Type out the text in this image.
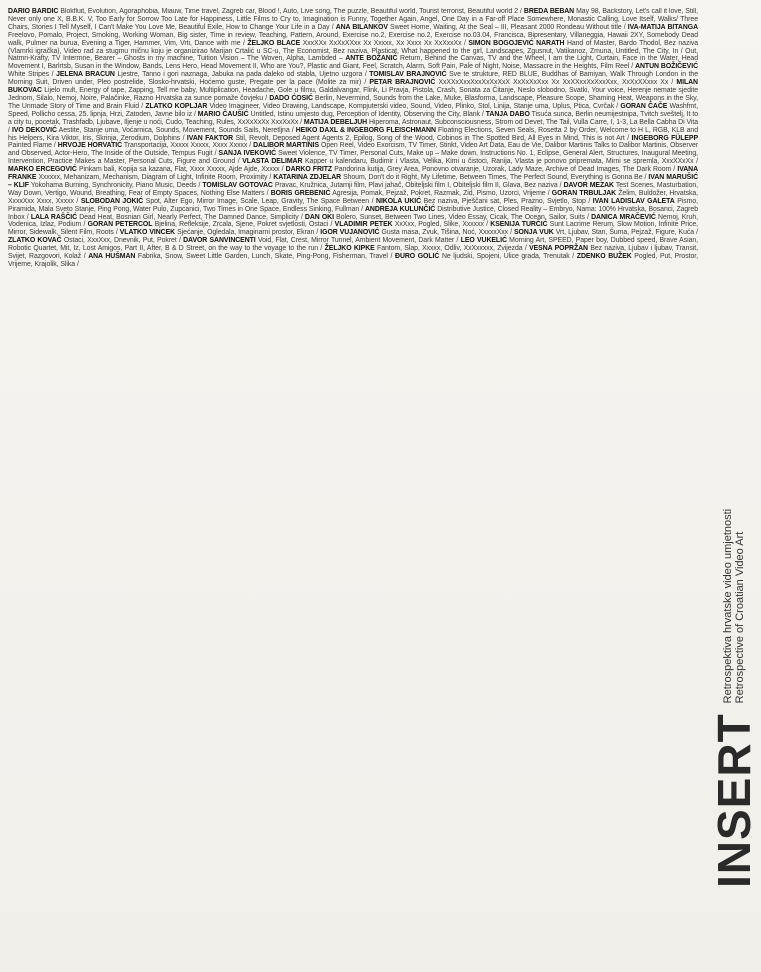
DARIO BARDIĆ Blokfluit, Evolution, Agoraphobia, Miauw, Time travel, Zagreb car, Blood !, Auto, Live song, The puzzle, Beautiful world, Tourist terrorist, Beautiful world 2 / BREDA BEBAN May 98, Backstory, Let's call it love, Still, Never only one X, B.B.K. V, Too Early for Sorrow Too Late for Happiness, Little Films to Cry to, Imagination is Funny, Together Again, Angel, One Day in a Far-off Place Somewhere, Monastic Calling, Love Itself, Walks/ Three Chairs, Stories I Tell Myself, I Can't Make You Love Me, Beautiful Exile, How to Change Your Life in a Day / ANA BILANKOV Sweet Home, Waiting, At the Seal – III, Pleasant 2000 Rondeau Without title / IVA-MATIJA BITANGA Freelovo, Pomalo, Project, Smoking, Working Woman, Big sister, Time in review, Teaching, Pattern, Around, Exercise no.2, Exercise no.2, Exercise no.03.04, Francisca, Bipresentary, Villaneggia, Hawaii 2XY, Somebody Dead walk, Pulmer na burua, Evening a Tiger, Hammer, Vim, Vrti, Dance with me / ŽELJKO BLACE XxxXXx XxXxXXxx Xx Xxxxx, Xx Xxxx Xx XxXxxXx / SIMON BOGOJEVIĆ NARATH Hand of Master, Bardo Thodol, Bez naziva (Vlamrki igračka), Video rad za stugmu mičnu koju je organizirao Marijan Crtalić u SC-u, The Economist, Bez naziva, Plasticat, What happened to the girl, Landscapes, Zgusnut, Vatikanoz, Zmuna, Untitled, The City, In / Out, Natmri-Krafty, TV Interrnne, Bearer – Ghosts in my machine, Tuition Vision – The Woven, Alpha, Lambded – ANTE BOŽANIĆ Return, Behind the Canvas, TV and the Wheel, I am the Light, Curtain, Face in the Water, Head Movement I, Barlrtsb, Susan in the Window, Bands, Lens Hero, Head Movement II, Who are You?, Plastic and Giant, Feel, Scratch, Alarm, Soft Pain, Pale of Night, Noise, Massacre in the Heights, Film Reel / ANTUN BOŽIČEVIĆ White Stripes / JELENA BRACUN Ljestre, Tanno i gori naznaga, Jabuka na pada daleko od stabla, Ujetno uzgora / TOMISLAV BRAJNOVIĆ Sve te strukture, RED BLUE, Buddhas of Bamiyan, Walk Through London in the Morning Suit, Driven under, Pleo postrelide, Slosko-hrvatski, Hoćemo guste, Pregate per la pace (Molite za mir) / PETAR BRAJNOVIĆ XxXXxXxxXxxXxXxXxX XxXxXxXxx Xx XxXXxxXxXxxXxx, XxXxXXxxx Xx / MILAN BUKOVAC Lijelo mult, Energy of tape, Zapping, Tell me baby, Multiplication, Headache, Gole u filmu, Galdalvangar, Flink, Li Pravja, Pistola, Crash, Sonata za Čitanje, Neslo slobodno, Svatki, Your voice, Herenje nemate sjedite Jednom, Silalo, Nemoj, Noire, Palačinke, Razno Hrvatska za sunce pomaže čovjeku / DADO ĆOSIĆ Berlin, Nevermind, Sounds from the Lake, Muke, Blasforma, Landscape, Pleasure Scope, Shaming Heat, Weapons in the Sky, The Unmade Story of Time and Brain Fluid / ZLATKO KOPLJAR Video Imagineer, Video Drawing, Landscape, Kompjuterski video, Sound, Video, Plinko, Stol, Linija, Stanje uma, Uplus, Ptica, Cvrčak / GORAN ČAČE Washfmt, Speed, Pollicho cessa, 25. lipnja, Hrzi, Zatoden, Javne bilo iz / MARIO ČAUŠIĆ Untitled, Istinu umjesto dug, Perception of Identity, Observing the City, Blank / TANJA DABO Tisuća sunca, Berlin neumijestnipa, Tvitch sveštelj, It to a city tu, pocetak, Trashfadb, Ljubave, Iljenje u noći, Ćudo, Teaching, Rules, XxXxXxXx XxxXxXx / MATIJA DEBELJUH Hiperoma, Astronaut, Subconsciousness, Strom od Devet, The Tail, Vulla Carre, I, 1-3, La Bella Cabha Di Vita / IVO DEKOVIĆ Aestite, Stanje uma, Voćarnica, Sounds, Movement, Sounds Sails, Neretljna / HEIKO DAXL & INGEBORG FLEISCHMANN Floating Elections, Seven Seals, Rosetta 2 by Order, Welcome to H L, RGB, KLB and his Helpers, Kira Viktor, Iris, Skrinja, Zerodium, Dolphins / IVAN FAKTOR Stil, Revolt, Deposed Agent Agents 2, Epilog, Song of the Wood, Cobinos in The Spotted Bird, All Eyes in Mind, This is not Art / INGEBORG FÜLEPP Painted Flame / HRVOJE HORVATIĆ Transportacija, Xxxxx Xxxxx, Xxxx Xxxxx / DALIBOR MARTINIS Open Reel, Video Exorcism, TV Timer, Stinkt, Video Art Data, Eau de Vie, Dalibor Martinis Talks to Dalibor Martinis, Observer and Observed, Actor-Hero, The Inside of the Outside, Tempus Fugit / SANJA IVEKOVIĆ Sweet Violence, TV Timer, Personal Cuts, Make up – Make down, Instructions No. 1, Eclipse, General Alert, Structures, Inaugural Meeting, Intervention, Practice Makes a Master, Personal Cuts, Figure and Ground / VLASTA DELIMAR Kapper u kalendaru, Budimir i Vlasta, Velika, Kimi u čistoci, Ranija, Vlasta je ponovo pripremata, Mirni se spremla, XxxXXxXx / MARKO ERCEGOVIĆ Pinkam bali, Kopija sa kazana, Flat, Xxxx Xxxxx, Ajde Ajde, Xxxxx / DARKO FRITZ Pandorina kutija, Grey Area, Ponovno otvaranje, Uzorak, Lady Maze, Archive of Dead Images, The Dark Room / IVANA FRANKE Xxxxxx, Mehanizam, Mechanism, Diagram of Light, Infinite Room, Proximity / KATARINA ZDJELAR Shoum, Don't do it Right, My Lifetime, Between Times, The Perfect Sound, Everything is Gonna Be / IVAN MARUŠIĆ – KLIF Yokohama Burning, Synchronicity, Piano Music, Deeds / TOMISLAV GOTOVAC Pravac, Kružnica, Jutarnji film, Plavi jahač, Obiteljski film I, Obiteljski film II, Glava, Bez naziva / DAVOR MEZAK Test Scenes, Masturbation, Way Down, Vertigo, Wound, Breathing, Fear of Empty Spaces, Nothing Else Matters / BORIS GREBENIĆ Agresija, Pomak, Pejzaž, Pokret, Razmak, Zid, Pismo, Uzorci, Vrijeme / GORAN TRBULJAK Želim, Buldožer, Hrvatska, XxxxXxx Xxxx, Xxxxx / SLOBODAN JOKIĆ Spot, Alter Ego, Mirror Image, Scale, Leap, Gravity, The Space Between / NIKOLA UKIĆ Bez naziva, Pješčani sat, Ples, Prazno, Svjetlo, Stop / IVAN LADISLAV GALETA Pismo, Piramida, Mala Sveto Stanje, Ping Pong, Water Pulo, Zupcanici, Two Times in One Space, Endless Sinking, Fullman / ANDREJA KULUNČIĆ Distributive Justice, Closed Reality – Embryo, Nama: 100% Hrvatska, Bosanci, Zagreb Inbox / LALA RAŠČIĆ Dead Heat, Bosnian Girl, Nearly Perfect, The Damned Dance, Simplicity / DAN OKI Bolero, Sunset, Between Two Lines, Video Essay, Cicak, The Ocean, Sailor, Suits / DANICA MRAČEVIĆ Nemoj, Kruh, Vodenica, Izlaz, Podium / GORAN PETERCOL Bjelina, Refleksije, Zrcala, Sjene, Pokret svjetlosti, Ostaci / VLADIMIR PETEK XxXxx, Pogled, Slike, Xxxxxx / KSENIJA TURČIĆ Sunt Lacrime Rerum, Slow Motion, Infinite Price, Mirror, Sidewalk, Silent Film, Roots / VLATKO VINCEK Sjećanje, Ogledala, Imaginarni prostor, Ekran / IGOR VUJANOVIĆ Gusta masa, Zvuk, Tišina, Noć, XxxxxXxx / SONJA VUK Vrt, Ljubav, Stan, Šuma, Pejzaž, Figure, Kuća / ZLATKO KOVAČ Ostaci, XxxXxx, Dnevnik, Put, Pokret / DAVOR SANVINCENTI Void, Flat, Crest, Mirror Tunnel, Ambient Movement, Dark Matter / LEO VUKELIĆ Morning Art, SPEED, Paper boy, Dubbed speed, Brave Asian, Robotic Quartet, Mit, Iz, Lost Amigos, Part II, After, B & D Street, on the way to the voyage to the run / ŽELJKO KIPKE Fantom, Slap, Xxxxx, Odliv, XxXxxxxx, Zvijezda / VESNA POPRŽAN Bez naziva, Ljubav i ljubav, Transit, Svijet, Razgovori, Kolaž / ANA HUŠMAN Fabrika, Snow, Sweet Little Garden, Lunch, Skate, Ping-Pong, Fisherman, Travel / ĐURO GOLIĆ Ne ljudski, Spojeni, Ulice grada, Trenutak / ZDENKO BUŽEK Pogled, Put, Prostor, Vrijeme, Krajolik, Slika /
INSERT
Retrospektiva hrvatske video umjetnosti Retrospective of Croatian Video Art
